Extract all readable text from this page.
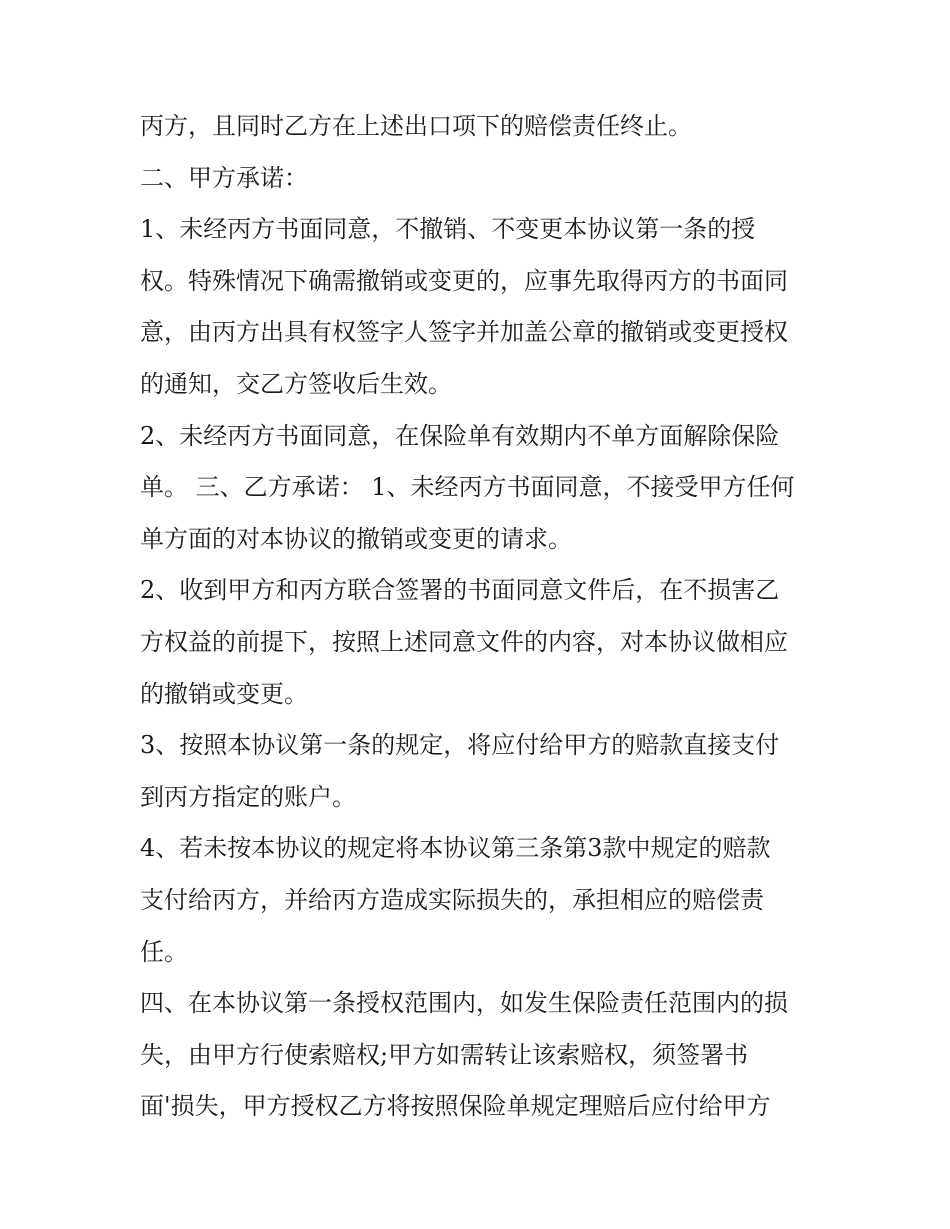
丙方，且同时乙方在上述出口项下的赔偿责任终止。
二、甲方承诺：
1、未经丙方书面同意，不撤销、不变更本协议第一条的授
权。特殊情况下确需撤销或变更的，应事先取得丙方的书面同
意，由丙方出具有权签字人签字并加盖公章的撤销或变更授权
的通知，交乙方签收后生效。
2、未经丙方书面同意，在保险单有效期内不单方面解除保险
单。 三、乙方承诺： 1、未经丙方书面同意，不接受甲方任何
单方面的对本协议的撤销或变更的请求。
2、收到甲方和丙方联合签署的书面同意文件后，在不损害乙
方权益的前提下，按照上述同意文件的内容，对本协议做相应
的撤销或变更。
3、按照本协议第一条的规定，将应付给甲方的赔款直接支付
到丙方指定的账户。
4、若未按本协议的规定将本协议第三条第3款中规定的赔款
支付给丙方，并给丙方造成实际损失的，承担相应的赔偿责
任。
四、在本协议第一条授权范围内，如发生保险责任范围内的损
失，由甲方行使索赔权;甲方如需转让该索赔权，须签署书
面'损失，甲方授权乙方将按照保险单规定理赔后应付给甲方
